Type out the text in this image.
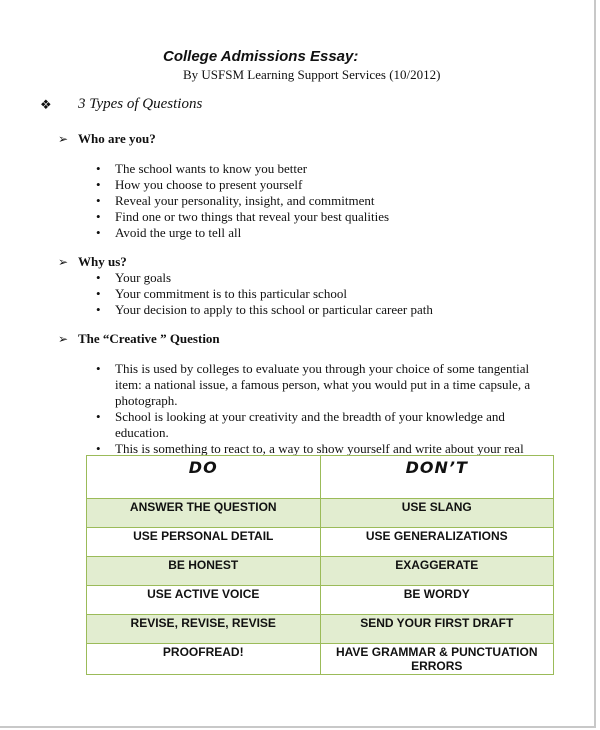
College Admissions Essay:

By USFSM Learning Support Services (10/2012)

❖	3 Types of Questions
➢ Who are you?
• The school wants to know you better
• How you choose to present yourself
• Reveal your personality, insight, and commitment
• Find one or two things that reveal your best qualities
• Avoid the urge to tell all
➢ Why us?
• Your goals
• Your commitment is to this particular school
• Your decision to apply to this school or particular career path
➢ The “Creative ” Question
• This is used by colleges to evaluate you through your choice of some tangential item: a national issue, a famous person, what you would put in a time capsule, a photograph.
• School is looking at your creativity and the breadth of your knowledge and education.
• This is something to react to, a way to show yourself and write about your real
•
DO	DON’T
ANSWER THE QUESTION	USE SLANG
USE PERSONAL DETAIL	USE GENERALIZATIONS
BE HONEST	EXAGGERATE
USE ACTIVE VOICE	BE WORDY
REVISE, REVISE, REVISE	SEND YOUR FIRST DRAFT
PROOFREAD!	HAVE GRAMMAR & PUNCTUATION ERRORS
